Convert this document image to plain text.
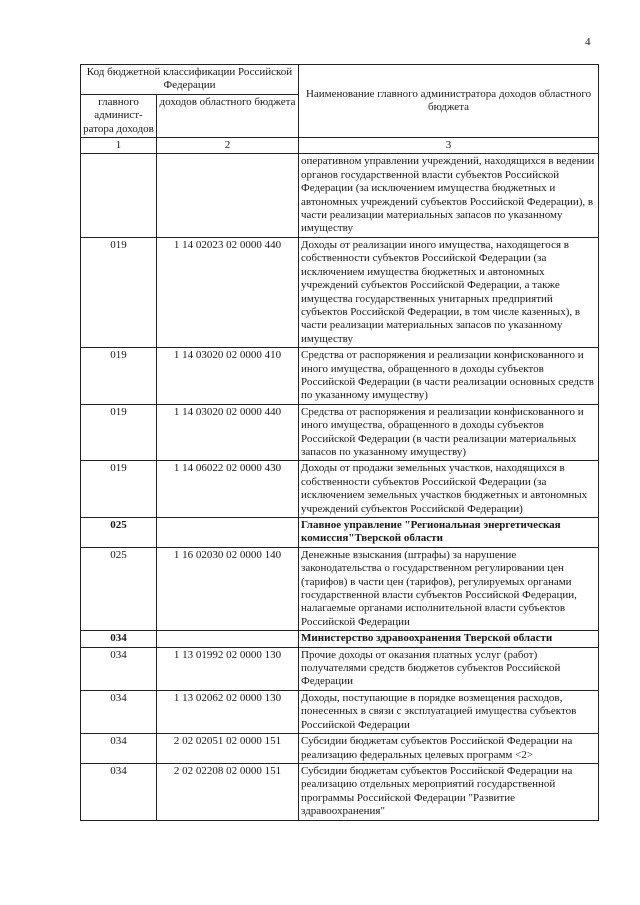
4
Код бюджетной классификации Российской Федерации		Наименование главного администратора доходов областного бюджета
главного админист-ратора доходов	доходов областного бюджета	
1	2	3
		оперативном управлении учреждений, находящихся в ведении органов государственной власти субъектов Российской Федерации (за исключением имущества бюджетных и автономных учреждений субъектов Российской Федерации), в части реализации материальных запасов по указанному имуществу
019	1 14 02023 02 0000 440	Доходы от реализации иного имущества, находящегося в собственности субъектов Российской Федерации (за исключением имущества бюджетных и автономных учреждений субъектов Российской Федерации, а также имущества государственных унитарных предприятий субъектов Российской Федерации, в том числе казенных), в части реализации материальных запасов по указанному имуществу
019	1 14 03020 02 0000 410	Средства от распоряжения и реализации конфискованного и иного имущества, обращенного в доходы субъектов Российской Федерации (в части реализации основных средств по указанному имуществу)
019	1 14 03020 02 0000 440	Средства от распоряжения и реализации конфискованного и иного имущества, обращенного в доходы субъектов Российской Федерации (в части реализации материальных запасов по указанному имуществу)
019	1 14 06022 02 0000 430	Доходы от продажи земельных участков, находящихся в собственности субъектов Российской Федерации (за исключением земельных участков бюджетных и автономных учреждений субъектов Российской Федерации)
025		Главное управление "Региональная энергетическая комиссия"Тверской области
025	1 16 02030 02 0000 140	Денежные взыскания (штрафы) за нарушение законодательства о государственном регулировании цен (тарифов) в части цен (тарифов), регулируемых органами государственной власти субъектов Российской Федерации, налагаемые органами исполнительной власти субъектов Российской Федерации
034		Министерство здравоохранения Тверской области
034	1 13 01992 02 0000 130	Прочие доходы от оказания платных услуг (работ) получателями средств бюджетов субъектов Российской Федерации
034	1 13 02062 02 0000 130	Доходы, поступающие в порядке возмещения расходов, понесенных в связи с эксплуатацией имущества субъектов Российской Федерации
034	2 02 02051 02 0000 151	Субсидии бюджетам субъектов Российской Федерации на реализацию федеральных целевых программ <2>
034	2 02 02208 02 0000 151	Субсидии бюджетам субъектов Российской Федерации на реализацию отдельных мероприятий государственной программы Российской Федерации "Развитие здравоохранения"
